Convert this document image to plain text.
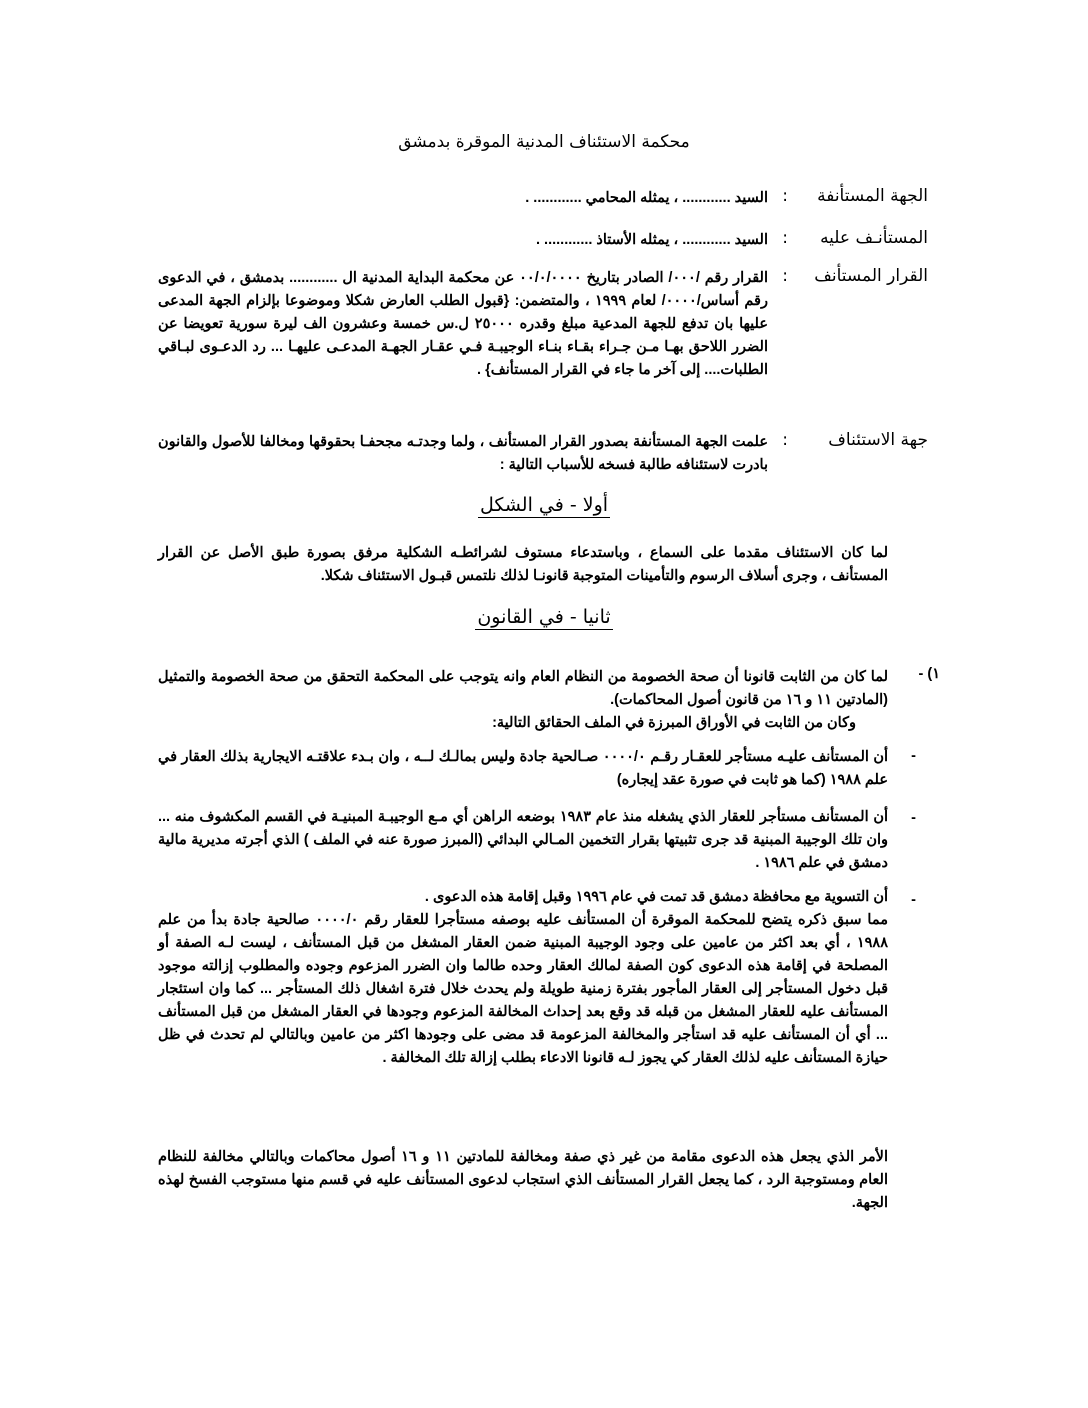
محكمة الاستئناف المدنية الموقرة بدمشق
الجهة المستأنفة
:
السيد ............ ، يمثله المحامي ............ .
المستأنـف عليه
:
السيد ............ ، يمثله الأستاذ ............ .
القرار المستأنف
:
القرار رقم /٠٠٠/ الصادر بتاريخ ٠٠/٠/٠٠٠٠ عن محكمة البداية المدنية ال ............ بدمشق ، في الدعوى رقم أساس/٠٠٠٠/ لعام ١٩٩٩ ، والمتضمن: {قبول الطلب العارض شكلا وموضوعا بإلزام الجهة المدعى عليها بان تدفع للجهة المدعية مبلغ وقدره ٢٥٠٠٠ ل.س خمسة وعشرون الف ليرة سورية تعويضا عن الضرر اللاحق بهـا مـن جـراء بقـاء بنـاء الوجيبـة فـي عقـار الجهـة المدعـى عليهـا ... رد الدعـوى لبـاقي الطلبات.... إلى آخر ما جاء في القرار المستأنف} .
جهة الاستئناف
:
علمت الجهة المستأنفة بصدور القرار المستأنف ، ولما وجدتـه مجحفـا بحقوقها ومخالفا للأصول والقانون بادرت لاستئنافه طالبة فسخه للأسباب التالية :
أولا - في الشكل
لما كان الاستئناف مقدما على السماع ، وباستدعاء مستوف لشرائطـه الشكلية مرفق بصورة طبق الأصل عن القرار المستأنف ، وجرى أسلاف الرسوم والتأمينات المتوجبة قانونـا لذلك نلتمس قبـول الاستئناف شكلا.
ثانيا - في القانون
١) -
لما كان من الثابت قانونا أن صحة الخصومة من النظام العام وانه يتوجب على المحكمة التحقق من صحة الخصومة والتمثيل (المادتين ١١ و ١٦ من قانون أصول المحاكمات).
وكان من الثابت في الأوراق المبرزة في الملف الحقائق التالية:
-
أن المستأنف عليـه مستأجر للعقـار رقـم ٠٠٠٠/٠ صـالحية جادة وليس بمالـك لــه ، وان بـدء علاقتـه الايجارية بذلك العقار في علم ١٩٨٨ (كما هو ثابت في صورة عقد إيجاره)
-
أن المستأنف مستأجر للعقار الذي يشغله منذ عام ١٩٨٣ بوضعه الراهن أي مـع الوجيبـة المبنيـة في القسم المكشوف منه ... وان تلك الوجيبة المبنية قد جرى تثبيتها بقرار التخمين المـالي البدائي (المبرز صورة عنه في الملف ) الذي أجرته مديرية مالية دمشق في علم ١٩٨٦ .
-
أن التسوية مع محافظة دمشق قد تمت في عام ١٩٩٦ وقبل إقامة هذه الدعوى .
مما سبق ذكره يتضح للمحكمة الموقرة أن المستأنف عليه بوصفه مستأجرا للعقار رقم ٠٠٠٠/٠ صالحية جادة بدأ من علم ١٩٨٨ ، أي بعد اكثر من عامين على وجود الوجيبة المبنية ضمن العقار المشغل من قبل المستأنف ، ليست لـه الصفة أو المصلحة في إقامة هذه الدعوى كون الصفة لمالك العقار وحده طالما وان الضرر المزعوم وجوده والمطلوب إزالته موجود قبل دخول المستأجر إلى العقار المأجور بفترة زمنية طويلة ولم يحدث خلال فترة اشغال ذلك المستأجر ... كما وان استئجار المستأنف عليه للعقار المشغل من قبله قد وقع بعد إحداث المخالفة المزعوم وجودها في العقار المشغل من قبل المستأنف ... أي أن المستأنف عليه قد استأجر والمخالفة المزعومة قد مضى على وجودها اكثر من عامين وبالتالي لم تحدث في ظل حيازة المستأنف عليه لذلك العقار كي يجوز لـه قانونا الادعاء بطلب إزالة تلك المخالفة .
الأمر الذي يجعل هذه الدعوى مقامة من غير ذي صفة ومخالفة للمادتين ١١ و ١٦ أصول محاكمات وبالتالي مخالفة للنظام العام ومستوجبة الرد ، كما يجعل القرار المستأنف الذي استجاب لدعوى المستأنف عليه في قسم منها مستوجب الفسخ لهذه الجهة.
